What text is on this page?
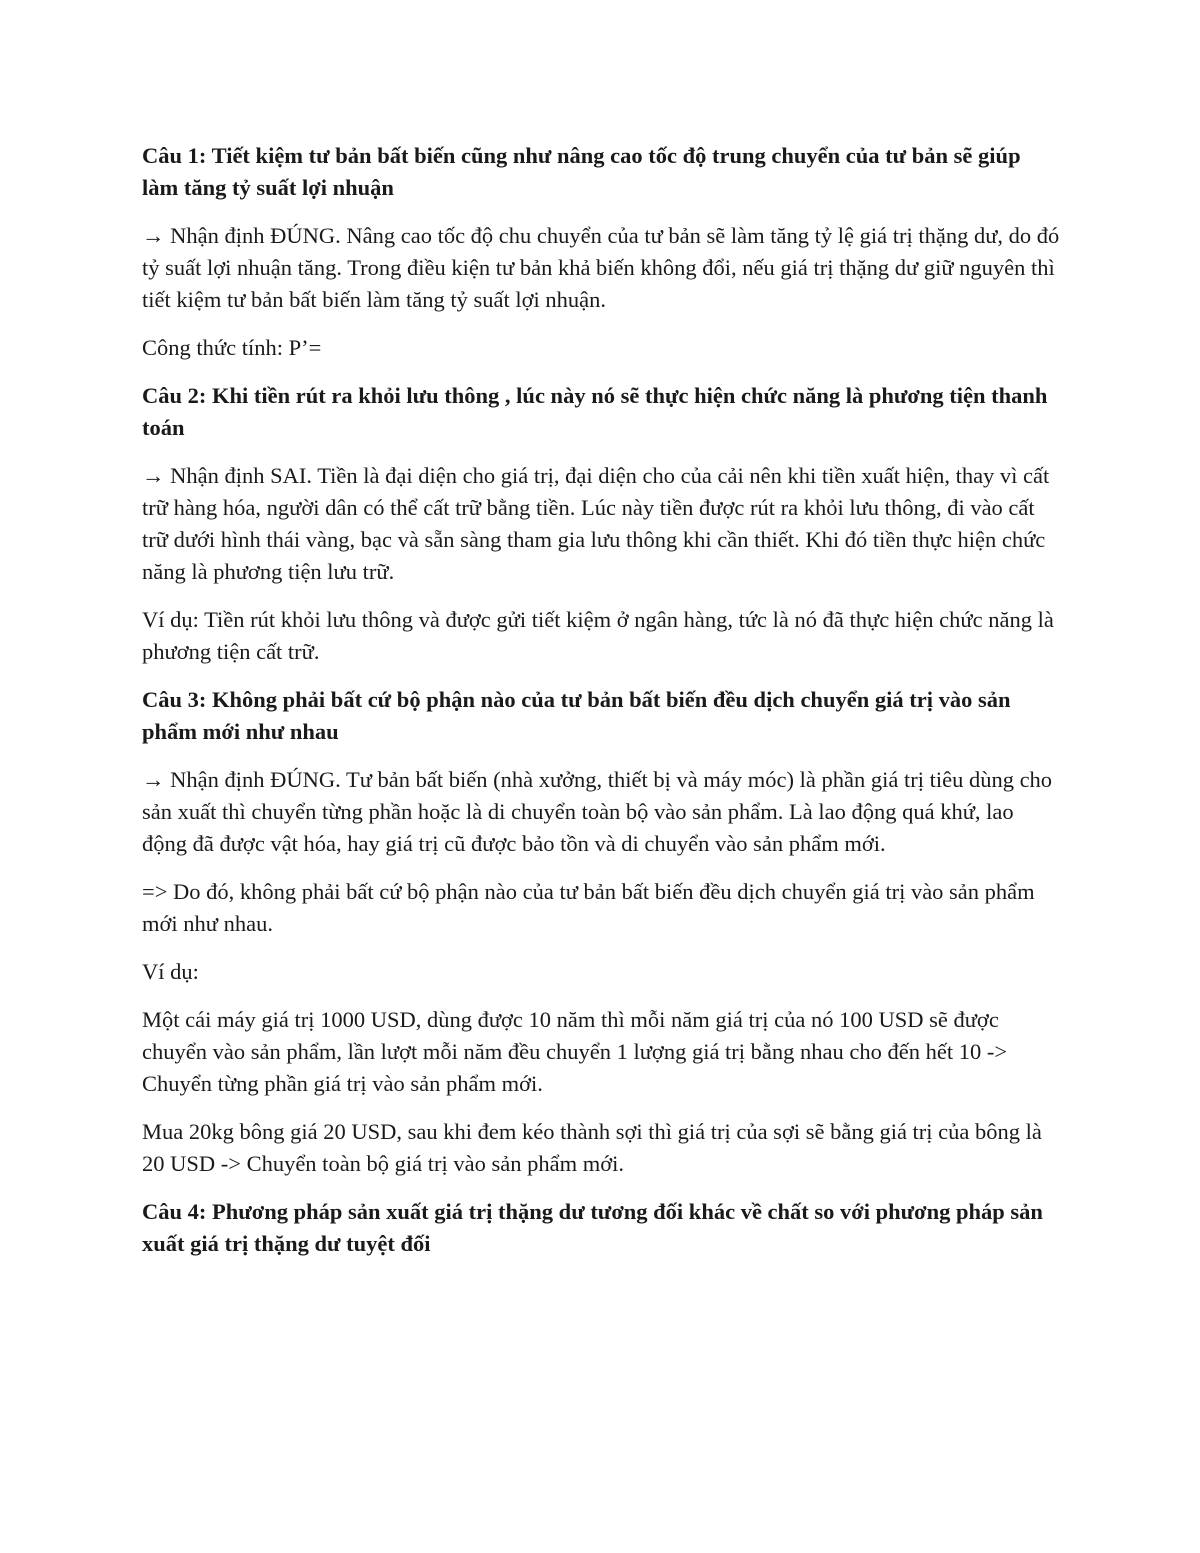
Câu 1: Tiết kiệm tư bản bất biến cũng như nâng cao tốc độ trung chuyển của tư bản sẽ giúp làm tăng tỷ suất lợi nhuận

→ Nhận định ĐÚNG. Nâng cao tốc độ chu chuyển của tư bản sẽ làm tăng tỷ lệ giá trị thặng dư, do đó tỷ suất lợi nhuận tăng. Trong điều kiện tư bản khả biến không đổi, nếu giá trị thặng dư giữ nguyên thì tiết kiệm tư bản bất biến làm tăng tỷ suất lợi nhuận.

Công thức tính: P’=

Câu 2: Khi tiền rút ra khỏi lưu thông , lúc này nó sẽ thực hiện chức năng là phương tiện thanh toán

→ Nhận định SAI. Tiền là đại diện cho giá trị, đại diện cho của cải nên khi tiền xuất hiện, thay vì cất trữ hàng hóa, người dân có thể cất trữ bằng tiền. Lúc này tiền được rút ra khỏi lưu thông, đi vào cất trữ dưới hình thái vàng, bạc và sẵn sàng tham gia lưu thông khi cần thiết. Khi đó tiền thực hiện chức năng là phương tiện lưu trữ.

Ví dụ: Tiền rút khỏi lưu thông và được gửi tiết kiệm ở ngân hàng, tức là nó đã thực hiện chức năng là phương tiện cất trữ.

Câu 3: Không phải bất cứ bộ phận nào của tư bản bất biến đều dịch chuyển giá trị vào sản phẩm mới như nhau

→ Nhận định ĐÚNG. Tư bản bất biến (nhà xưởng, thiết bị và máy móc) là phần giá trị tiêu dùng cho sản xuất thì chuyển từng phần hoặc là di chuyển toàn bộ vào sản phẩm. Là lao động quá khứ, lao động đã được vật hóa, hay giá trị cũ được bảo tồn và di chuyển vào sản phẩm mới.

=> Do đó, không phải bất cứ bộ phận nào của tư bản bất biến đều dịch chuyển giá trị vào sản phẩm mới như nhau.

Ví dụ:

Một cái máy giá trị 1000 USD, dùng được 10 năm thì mỗi năm giá trị của nó 100 USD sẽ được chuyển vào sản phẩm, lần lượt mỗi năm đều chuyển 1 lượng giá trị bằng nhau cho đến hết 10 -> Chuyển từng phần giá trị vào sản phẩm mới.

Mua 20kg bông giá 20 USD, sau khi đem kéo thành sợi thì giá trị của sợi sẽ bằng giá trị của bông là 20 USD -> Chuyển toàn bộ giá trị vào sản phẩm mới.

Câu 4: Phương pháp sản xuất giá trị thặng dư tương đối khác về chất so với phương pháp sản xuất giá trị thặng dư tuyệt đối
